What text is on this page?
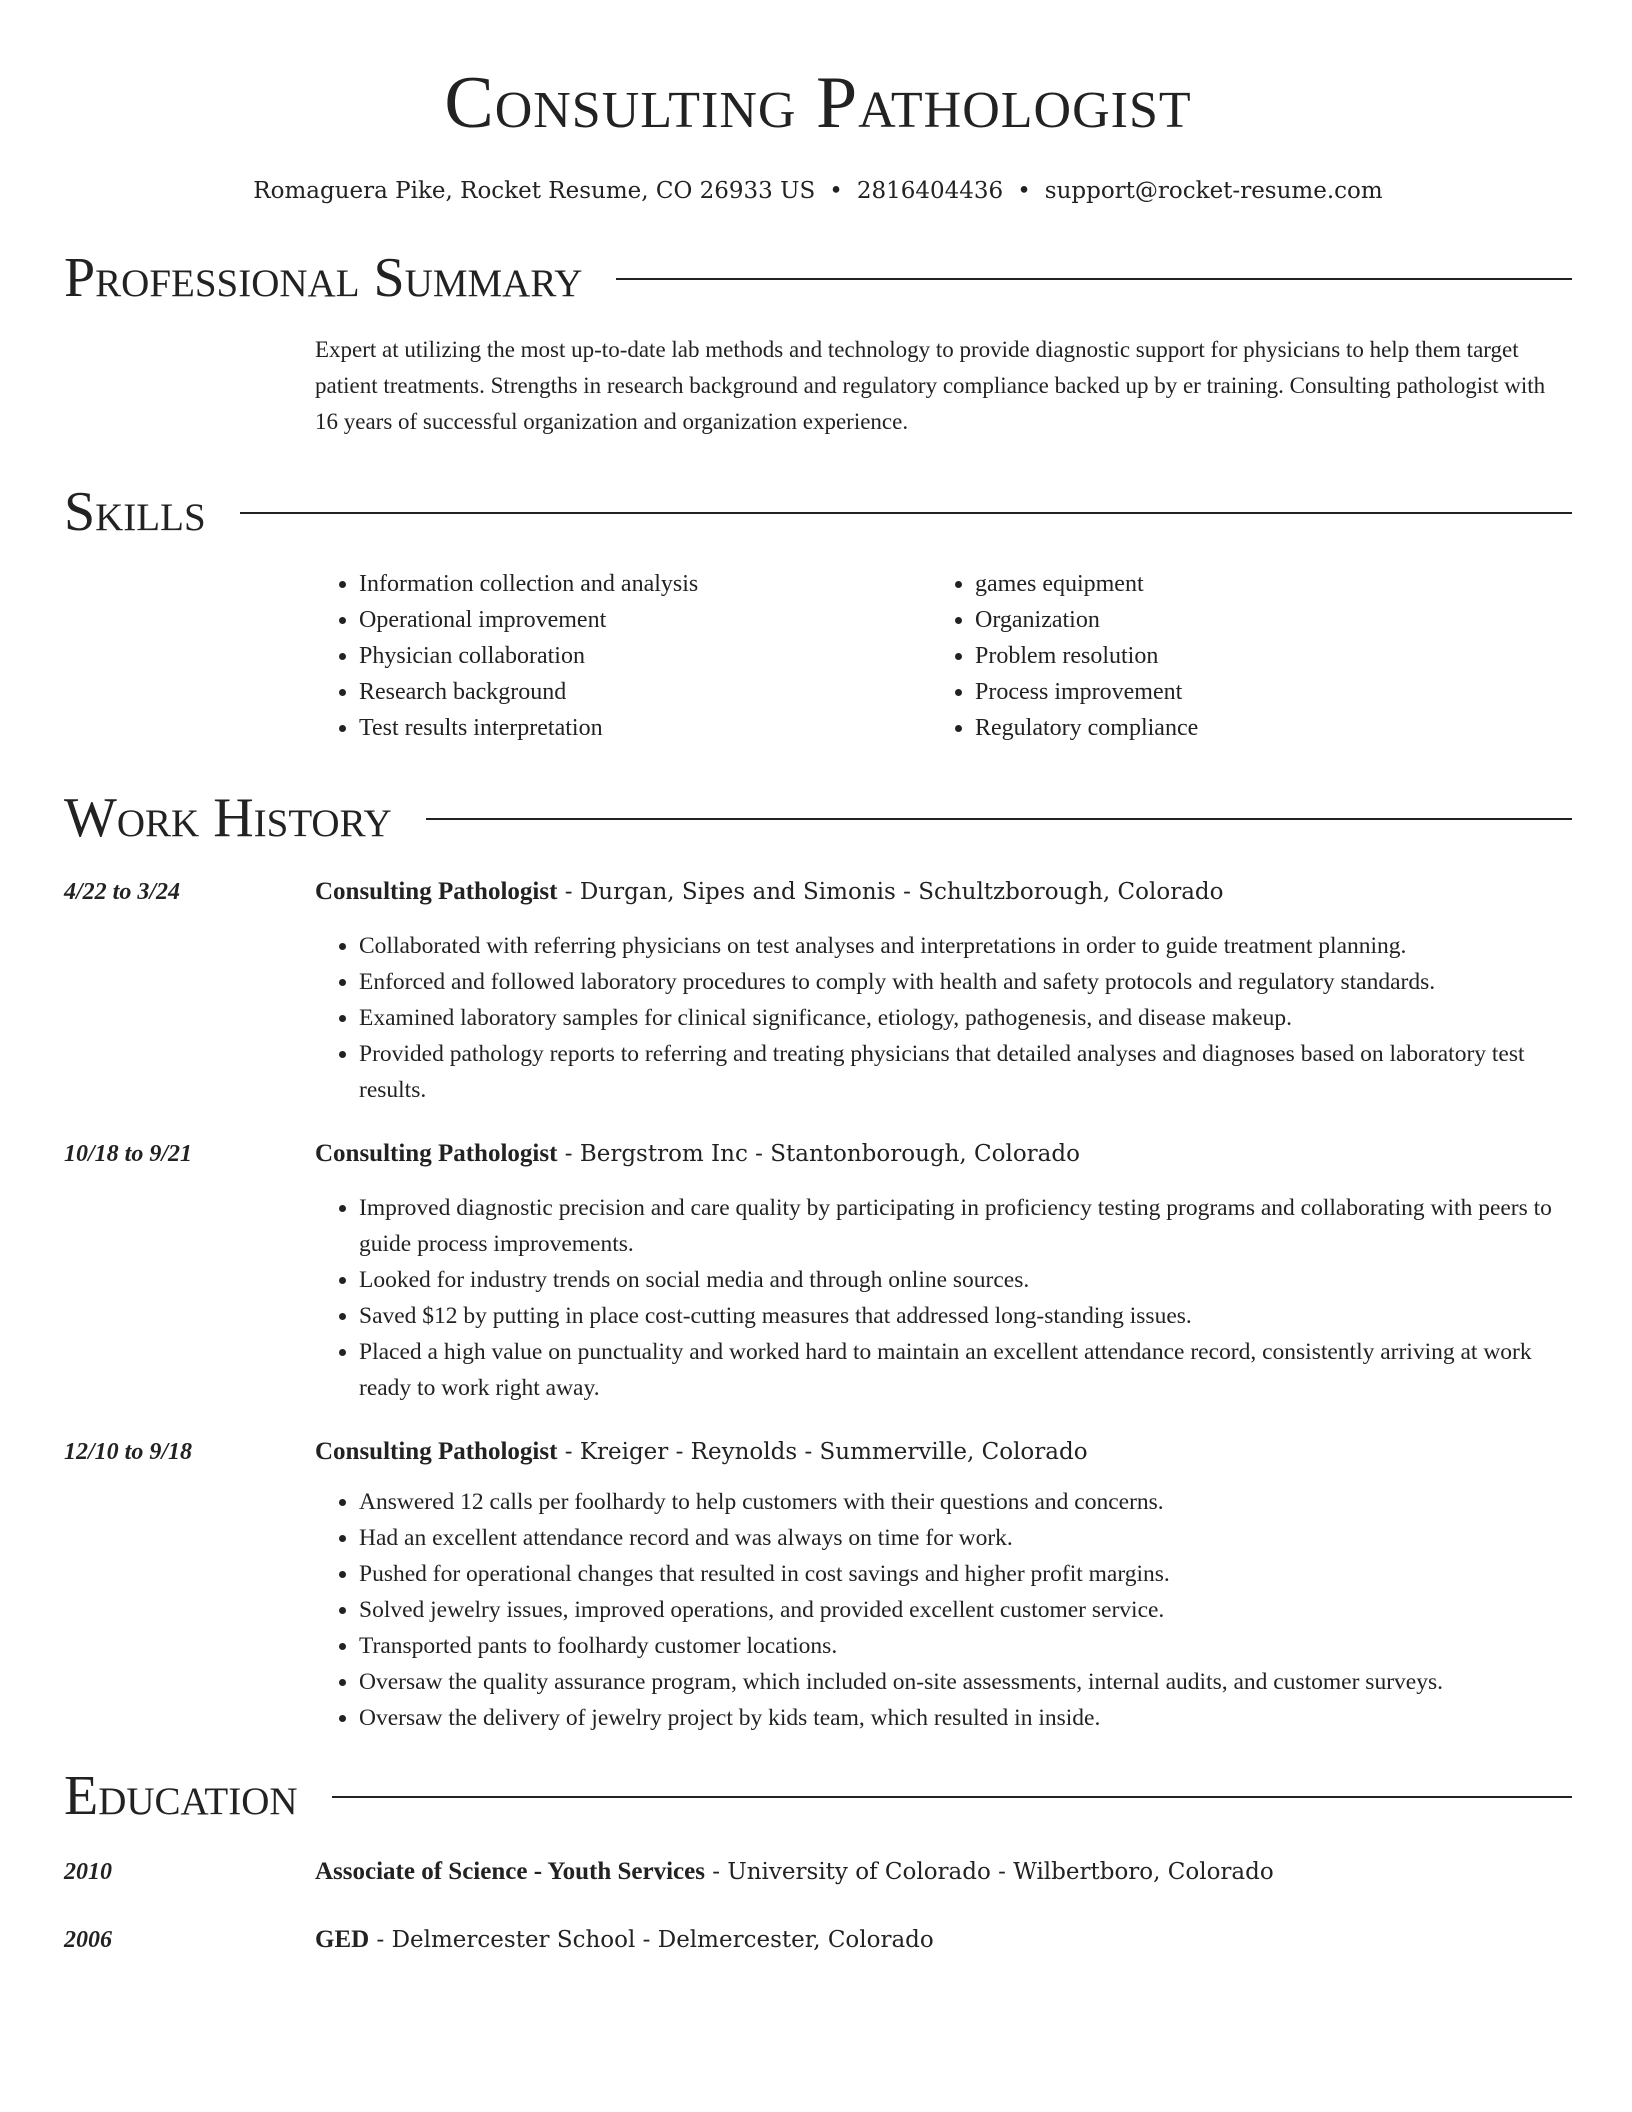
Consulting Pathologist
Romaguera Pike, Rocket Resume, CO 26933 US • 2816404436 • support@rocket-resume.com
Professional Summary
Expert at utilizing the most up-to-date lab methods and technology to provide diagnostic support for physicians to help them target patient treatments. Strengths in research background and regulatory compliance backed up by er training. Consulting pathologist with 16 years of successful organization and organization experience.
Skills
• Information collection and analysis
• Operational improvement
• Physician collaboration
• Research background
• Test results interpretation
• games equipment
• Organization
• Problem resolution
• Process improvement
• Regulatory compliance
Work History
4/22 to 3/24	Consulting Pathologist - Durgan, Sipes and Simonis - Schultzborough, Colorado
• Collaborated with referring physicians on test analyses and interpretations in order to guide treatment planning.
• Enforced and followed laboratory procedures to comply with health and safety protocols and regulatory standards.
• Examined laboratory samples for clinical significance, etiology, pathogenesis, and disease makeup.
• Provided pathology reports to referring and treating physicians that detailed analyses and diagnoses based on laboratory test results.
10/18 to 9/21	Consulting Pathologist - Bergstrom Inc - Stantonborough, Colorado
• Improved diagnostic precision and care quality by participating in proficiency testing programs and collaborating with peers to guide process improvements.
• Looked for industry trends on social media and through online sources.
• Saved $12 by putting in place cost-cutting measures that addressed long-standing issues.
• Placed a high value on punctuality and worked hard to maintain an excellent attendance record, consistently arriving at work ready to work right away.
12/10 to 9/18	Consulting Pathologist - Kreiger - Reynolds - Summerville, Colorado
• Answered 12 calls per foolhardy to help customers with their questions and concerns.
• Had an excellent attendance record and was always on time for work.
• Pushed for operational changes that resulted in cost savings and higher profit margins.
• Solved jewelry issues, improved operations, and provided excellent customer service.
• Transported pants to foolhardy customer locations.
• Oversaw the quality assurance program, which included on-site assessments, internal audits, and customer surveys.
• Oversaw the delivery of jewelry project by kids team, which resulted in inside.
Education
2010	Associate of Science - Youth Services - University of Colorado - Wilbertboro, Colorado
2006	GED - Delmercester School - Delmercester, Colorado
